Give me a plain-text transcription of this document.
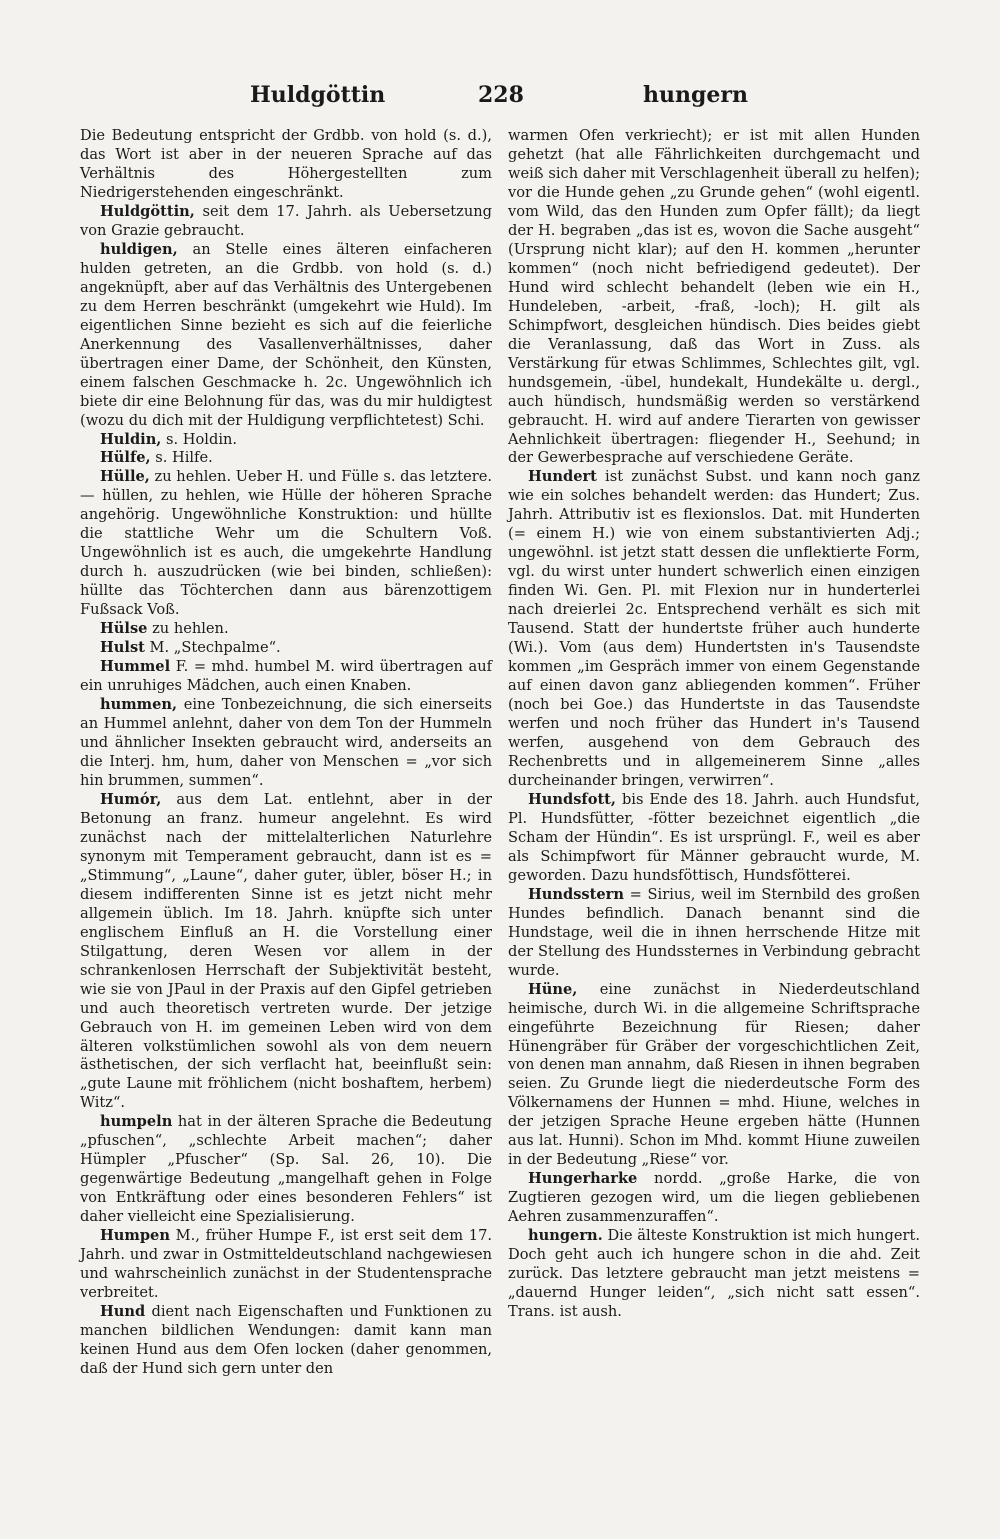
Huldgöttin	228	hungern

Die Bedeutung entspricht der Grdbb. von hold (s. d.), das Wort ist aber in der neueren Sprache auf das Verhältnis des Höhergestellten zum Niedrigerstehenden eingeschränkt.

Huldgöttin, seit dem 17. Jahrh. als Uebersetzung von Grazie gebraucht.

huldigen, an Stelle eines älteren einfacheren hulden getreten, an die Grdbb. von hold (s. d.) angeknüpft, aber auf das Verhältnis des Untergebenen zu dem Herren beschränkt (umgekehrt wie Huld). Im eigentlichen Sinne bezieht es sich auf die feierliche Anerkennung des Vasallenverhältnisses, daher übertragen einer Dame, der Schönheit, den Künsten, einem falschen Geschmacke h. 2c. Ungewöhnlich ich biete dir eine Belohnung für das, was du mir huldigtest (wozu du dich mit der Huldigung verpflichtetest) Schi.

Huldin, s. Holdin.

Hülfe, s. Hilfe.

Hülle, zu hehlen. Ueber H. und Fülle s. das letztere. — hüllen, zu hehlen, wie Hülle der höheren Sprache angehörig. Ungewöhnliche Konstruktion: und hüllte die stattliche Wehr um die Schultern Voß. Ungewöhnlich ist es auch, die umgekehrte Handlung durch h. auszudrücken (wie bei binden, schließen): hüllte das Töchterchen dann aus bärenzottigem Fußsack Voß.

Hülse zu hehlen.

Hulst M. „Stechpalme“.

Hummel F. = mhd. humbel M. wird übertragen auf ein unruhiges Mädchen, auch einen Knaben.

hummen, eine Tonbezeichnung, die sich einerseits an Hummel anlehnt, daher von dem Ton der Hummeln und ähnlicher Insekten gebraucht wird, anderseits an die Interj. hm, hum, daher von Menschen = „vor sich hin brummen, summen“.

Humór, aus dem Lat. entlehnt, aber in der Betonung an franz. humeur angelehnt. Es wird zunächst nach der mittelalterlichen Naturlehre synonym mit Temperament gebraucht, dann ist es = „Stimmung“, „Laune“, daher guter, übler, böser H.; in diesem indifferenten Sinne ist es jetzt nicht mehr allgemein üblich. Im 18. Jahrh. knüpfte sich unter englischem Einfluß an H. die Vorstellung einer Stilgattung, deren Wesen vor allem in der schrankenlosen Herrschaft der Subjektivität besteht, wie sie von JPaul in der Praxis auf den Gipfel getrieben und auch theoretisch vertreten wurde. Der jetzige Gebrauch von H. im gemeinen Leben wird von dem älteren volkstümlichen sowohl als von dem neuern ästhetischen, der sich verflacht hat, beeinflußt sein: „gute Laune mit fröhlichem (nicht boshaftem, herbem) Witz“.

humpeln hat in der älteren Sprache die Bedeutung „pfuschen“, „schlechte Arbeit machen“; daher Hümpler „Pfuscher“ (Sp. Sal. 26, 10). Die gegenwärtige Bedeutung „mangelhaft gehen in Folge von Entkräftung oder eines besonderen Fehlers“ ist daher vielleicht eine Spezialisierung.

Humpen M., früher Humpe F., ist erst seit dem 17. Jahrh. und zwar in Ostmitteldeutschland nachgewiesen und wahrscheinlich zunächst in der Studentensprache verbreitet.

Hund dient nach Eigenschaften und Funktionen zu manchen bildlichen Wendungen: damit kann man keinen Hund aus dem Ofen locken (daher genommen, daß der Hund sich gern unter den

warmen Ofen verkriecht); er ist mit allen Hunden gehetzt (hat alle Fährlichkeiten durchgemacht und weiß sich daher mit Verschlagenheit überall zu helfen); vor die Hunde gehen „zu Grunde gehen“ (wohl eigentl. vom Wild, das den Hunden zum Opfer fällt); da liegt der H. begraben „das ist es, wovon die Sache ausgeht“ (Ursprung nicht klar); auf den H. kommen „herunter kommen“ (noch nicht befriedigend gedeutet). Der Hund wird schlecht behandelt (leben wie ein H., Hundeleben, -arbeit, -fraß, -loch); H. gilt als Schimpfwort, desgleichen hündisch. Dies beides giebt die Veranlassung, daß das Wort in Zuss. als Verstärkung für etwas Schlimmes, Schlechtes gilt, vgl. hundsgemein, -übel, hundekalt, Hundekälte u. dergl., auch hündisch, hundsmäßig werden so verstärkend gebraucht. H. wird auf andere Tierarten von gewisser Aehnlichkeit übertragen: fliegender H., Seehund; in der Gewerbesprache auf verschiedene Geräte.

Hundert ist zunächst Subst. und kann noch ganz wie ein solches behandelt werden: das Hundert; Zus. Jahrh. Attributiv ist es flexionslos. Dat. mit Hunderten (= einem H.) wie von einem substantivierten Adj.; ungewöhnl. ist jetzt statt dessen die unflektierte Form, vgl. du wirst unter hundert schwerlich einen einzigen finden Wi. Gen. Pl. mit Flexion nur in hunderterlei nach dreierlei 2c. Entsprechend verhält es sich mit Tausend. Statt der hundertste früher auch hunderte (Wi.). Vom (aus dem) Hundertsten in's Tausendste kommen „im Gespräch immer von einem Gegenstande auf einen davon ganz abliegenden kommen“. Früher (noch bei Goe.) das Hundertste in das Tausendste werfen und noch früher das Hundert in's Tausend werfen, ausgehend von dem Gebrauch des Rechenbretts und in allgemeinerem Sinne „alles durcheinander bringen, verwirren“.

Hundsfott, bis Ende des 18. Jahrh. auch Hundsfut, Pl. Hundsfütter, -fötter bezeichnet eigentlich „die Scham der Hündin“. Es ist ursprüngl. F., weil es aber als Schimpfwort für Männer gebraucht wurde, M. geworden. Dazu hundsföttisch, Hundsfötterei.

Hundsstern = Sirius, weil im Sternbild des großen Hundes befindlich. Danach benannt sind die Hundstage, weil die in ihnen herrschende Hitze mit der Stellung des Hundssternes in Verbindung gebracht wurde.

Hüne, eine zunächst in Niederdeutschland heimische, durch Wi. in die allgemeine Schriftsprache eingeführte Bezeichnung für Riesen; daher Hünengräber für Gräber der vorgeschichtlichen Zeit, von denen man annahm, daß Riesen in ihnen begraben seien. Zu Grunde liegt die niederdeutsche Form des Völkernamens der Hunnen = mhd. Hiune, welches in der jetzigen Sprache Heune ergeben hätte (Hunnen aus lat. Hunni). Schon im Mhd. kommt Hiune zuweilen in der Bedeutung „Riese“ vor.

Hungerharke nordd. „große Harke, die von Zugtieren gezogen wird, um die liegen gebliebenen Aehren zusammenzuraffen“.

hungern. Die älteste Konstruktion ist mich hungert. Doch geht auch ich hungere schon in die ahd. Zeit zurück. Das letztere gebraucht man jetzt meistens = „dauernd Hunger leiden“, „sich nicht satt essen“. Trans. ist aush.
